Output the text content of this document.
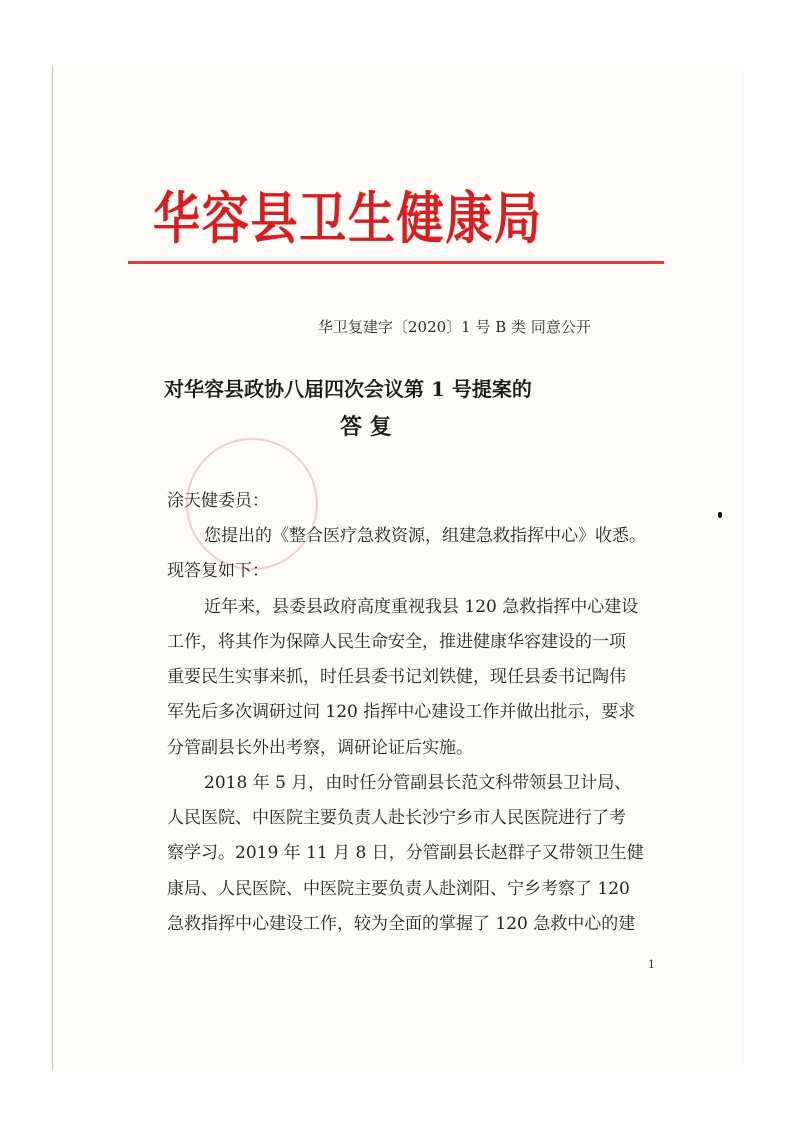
华容县卫生健康局
华卫复建字〔2020〕1 号 B 类 同意公开
对华容县政协八届四次会议第 1 号提案的
答 复
涂天健委员：
您提出的《整合医疗急救资源，组建急救指挥中心》收悉。
现答复如下：
近年来，县委县政府高度重视我县 120 急救指挥中心建设
工作，将其作为保障人民生命安全，推进健康华容建设的一项
重要民生实事来抓，时任县委书记刘铁健，现任县委书记陶伟
军先后多次调研过问 120 指挥中心建设工作并做出批示，要求
分管副县长外出考察，调研论证后实施。
2018 年 5 月，由时任分管副县长范文科带领县卫计局、
人民医院、中医院主要负责人赴长沙宁乡市人民医院进行了考
察学习。2019 年 11 月 8 日，分管副县长赵群子又带领卫生健
康局、人民医院、中医院主要负责人赴浏阳、宁乡考察了 120
急救指挥中心建设工作，较为全面的掌握了 120 急救中心的建
1
